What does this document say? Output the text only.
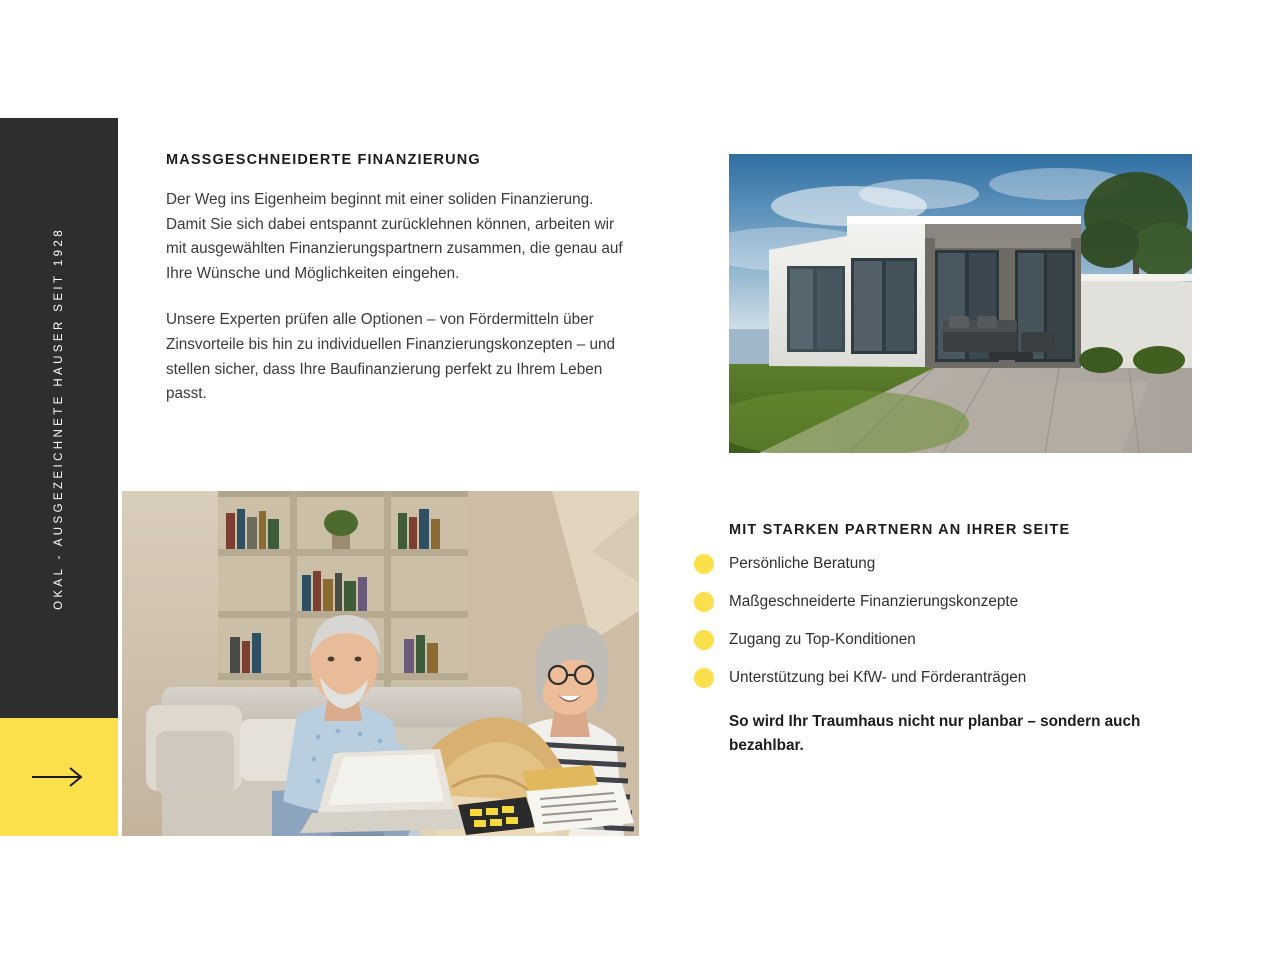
OKAL - AUSGEZEICHNETE HÄUSER SEIT 1928
MASSGESCHNEIDERTE FINANZIERUNG

Der Weg ins Eigenheim beginnt mit einer soliden Finanzierung. Damit Sie sich dabei entspannt zurücklehnen können, arbeiten wir mit ausgewählten Finanzierungspartnern zusammen, die genau auf Ihre Wünsche und Möglichkeiten eingehen.

Unsere Experten prüfen alle Optionen – von Fördermitteln über Zinsvorteile bis hin zu individuellen Finanzierungskonzepten – und stellen sicher, dass Ihre Baufinanzierung perfekt zu Ihrem Leben passt.

MIT STARKEN PARTNERN AN IHRER SEITE
Persönliche Beratung
Maßgeschneiderte Finanzierungskonzepte
Zugang zu Top-Konditionen
Unterstützung bei KfW- und Förderanträgen

So wird Ihr Traumhaus nicht nur planbar – sondern auch bezahlbar.
